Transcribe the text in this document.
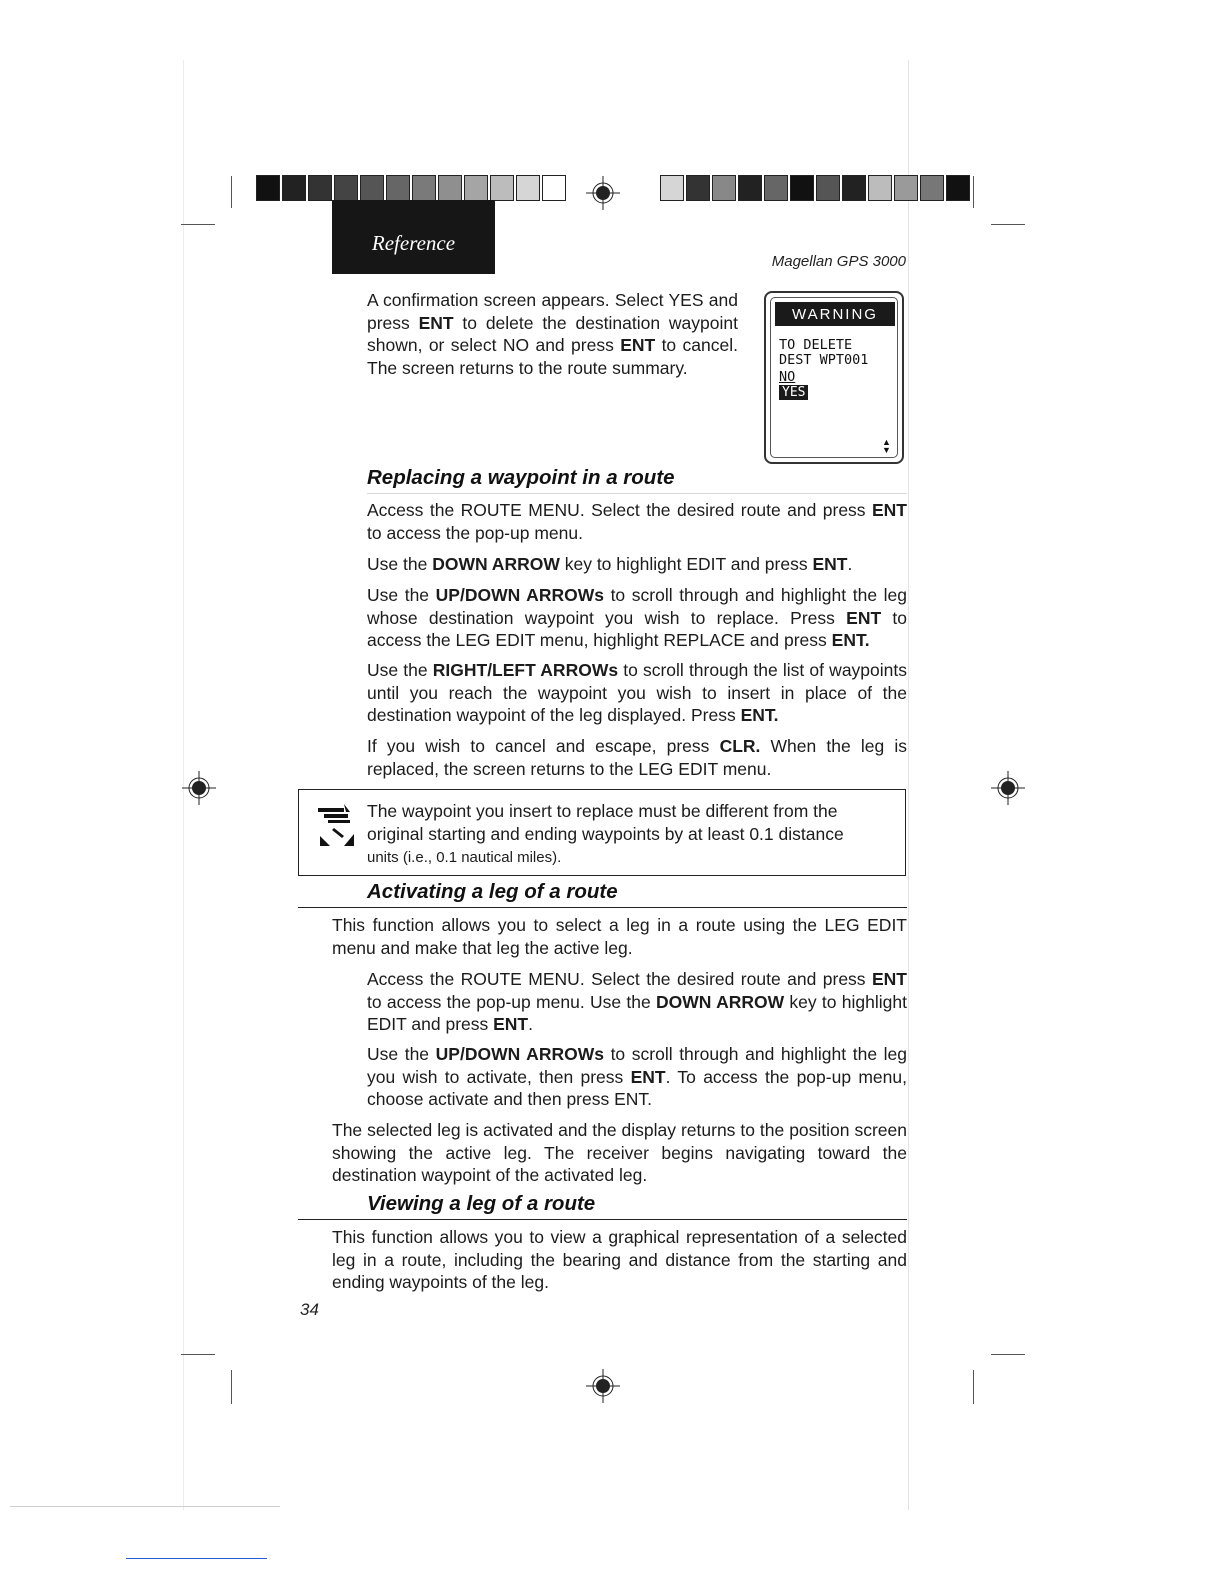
Reference
Magellan GPS 3000
A confirmation screen appears. Select YES and press ENT to delete the destination waypoint shown, or select NO and press ENT to cancel. The screen returns to the route summary.
WARNING
TO DELETE
DEST WPT001
NO
YES
▲▼
Replacing a waypoint in a route
Access the ROUTE MENU. Select the desired route and press ENT to access the pop-up menu.
Use the DOWN ARROW key to highlight EDIT and press ENT.
Use the UP/DOWN ARROWs to scroll through and highlight the leg whose destination waypoint you wish to replace. Press ENT to access the LEG EDIT menu, highlight REPLACE and press ENT.
Use the RIGHT/LEFT ARROWs to scroll through the list of waypoints until you reach the waypoint you wish to insert in place of the destination waypoint of the leg displayed. Press ENT.
If you wish to cancel and escape, press CLR. When the leg is replaced, the screen returns to the LEG EDIT menu.
The waypoint you insert to replace must be different from the
original starting and ending waypoints by at least 0.1 distance
units (i.e., 0.1 nautical miles).
Activating a leg of a route
This function allows you to select a leg in a route using the LEG EDIT menu and make that leg the active leg.
Access the ROUTE MENU. Select the desired route and press ENT to access the pop-up menu. Use the DOWN ARROW key to highlight EDIT and press ENT.
Use the UP/DOWN ARROWs to scroll through and highlight the leg you wish to activate, then press ENT. To access the pop-up menu, choose activate and then press ENT.
The selected leg is activated and the display returns to the position screen showing the active leg. The receiver begins navigating toward the destination waypoint of the activated leg.
Viewing a leg of a route
This function allows you to view a graphical representation of a selected leg in a route, including the bearing and distance from the starting and ending waypoints of the leg.
34
